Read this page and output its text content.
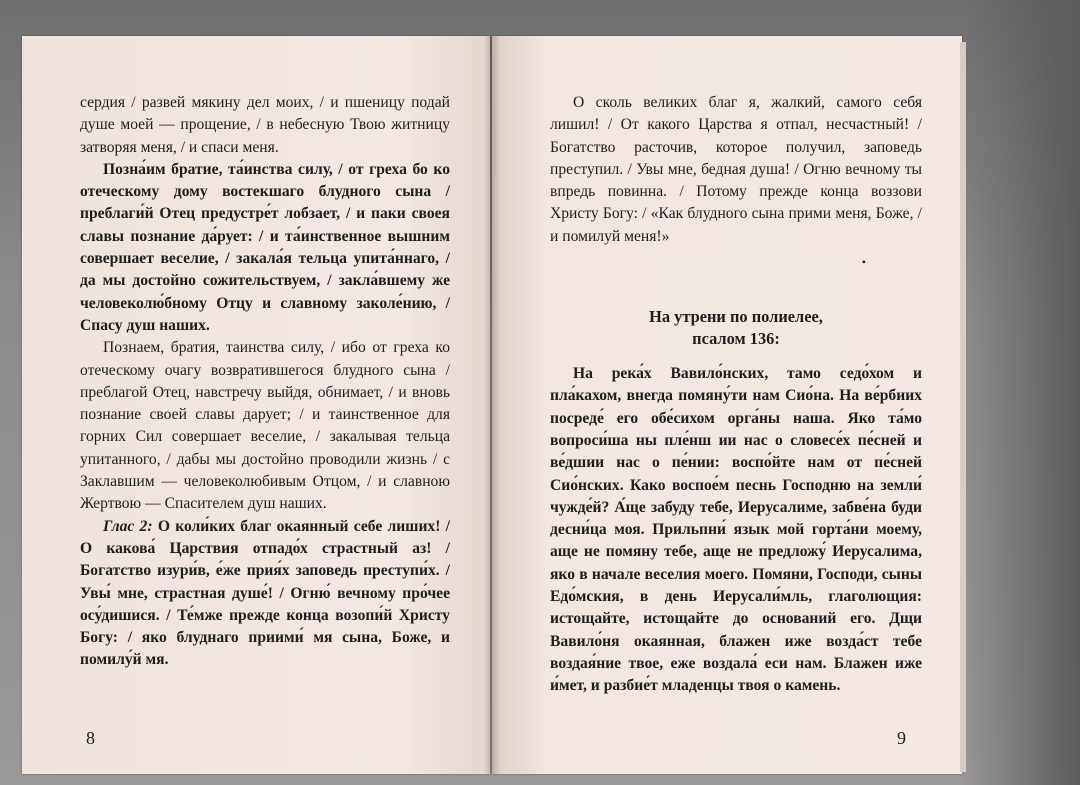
сердия / развей мякину дел моих, / и пшеницу подай душе моей — прощение, / в небесную Твою житницу затворяя меня, / и спаси меня.

Позна́им братие, та́инства силу, / от греха бо ко отеческому дому востекшаго блудного сына / преблаги́й Отец предустре́т лобзает, / и паки своея славы познание да́рует: / и та́инственное вышним совершает веселие, / закала́я тельца упита́ннаго, / да мы достойно сожительствуем, / закла́вшему же человеколю́бному Отцу и славному заколе́нию, / Спасу душ наших.

Познаем, братия, таинства силу, / ибо от греха ко отеческому очагу возвратившегося блудного сына / преблагой Отец, навстречу выйдя, обнимает, / и вновь познание своей славы дарует; / и таинственное для горних Сил совершает веселие, / закалывая тельца упитанного, / дабы мы достойно проводили жизнь / с Заклавшим — человеколюбивым Отцом, / и славною Жертвою — Спасителем душ наших.

Глас 2: О коли́ких благ окаянный себе лиших! / О какова́ Царствия отпадо́х страстный аз! / Богатство изури́в, е́же прия́х заповедь преступи́х. / Увы́ мне, страстная душе́! / Огню́ вечному про́чее осу́дишися. / Те́мже прежде конца возопи́й Христу Богу: / яко блуднаго приими́ мя сына, Боже, и помилу́й мя.

8

О сколь великих благ я, жалкий, самого себя лишил! / От какого Царства я отпал, несчастный! / Богатство расточив, которое получил, заповедь преступил. / Увы мне, бедная душа! / Огню вечному ты впредь повинна. / Потому прежде конца воззови Христу Богу: / «Как блудного сына прими меня, Боже, / и помилуй меня!»

•
На утрени по полиелее,
псалом 136:

На река́х Вавило́нских, тамо седо́хом и пла́кахом, внегда помяну́ти нам Сио́на. На ве́рбиих посреде́ его обе́сихом орга́ны наша. Яко та́мо вопроси́ша ны пле́нш ии нас о словесе́х пе́сней и ве́дшии нас о пе́нии: воспо́йте нам от пе́сней Сио́нских. Како воспое́м песнь Господню на земли́ чужде́й? А́ще забуду тебе, Иерусалиме, забве́на буди десни́ца моя. Прильпни́ язык мой горта́ни моему, аще не помяну тебе, аще не предложу́ Иерусалима, яко в начале веселия моего. Помяни, Господи, сыны Едо́мския, в день Иерусали́мль, глаголющия: истощайте, истощайте до оснований его. Дщи Вавило́ня окаянная, блажен иже возда́ст тебе воздая́ние твое, еже воздала́ еси нам. Блажен иже и́мет, и разбие́т младенцы твоя о камень.

9
